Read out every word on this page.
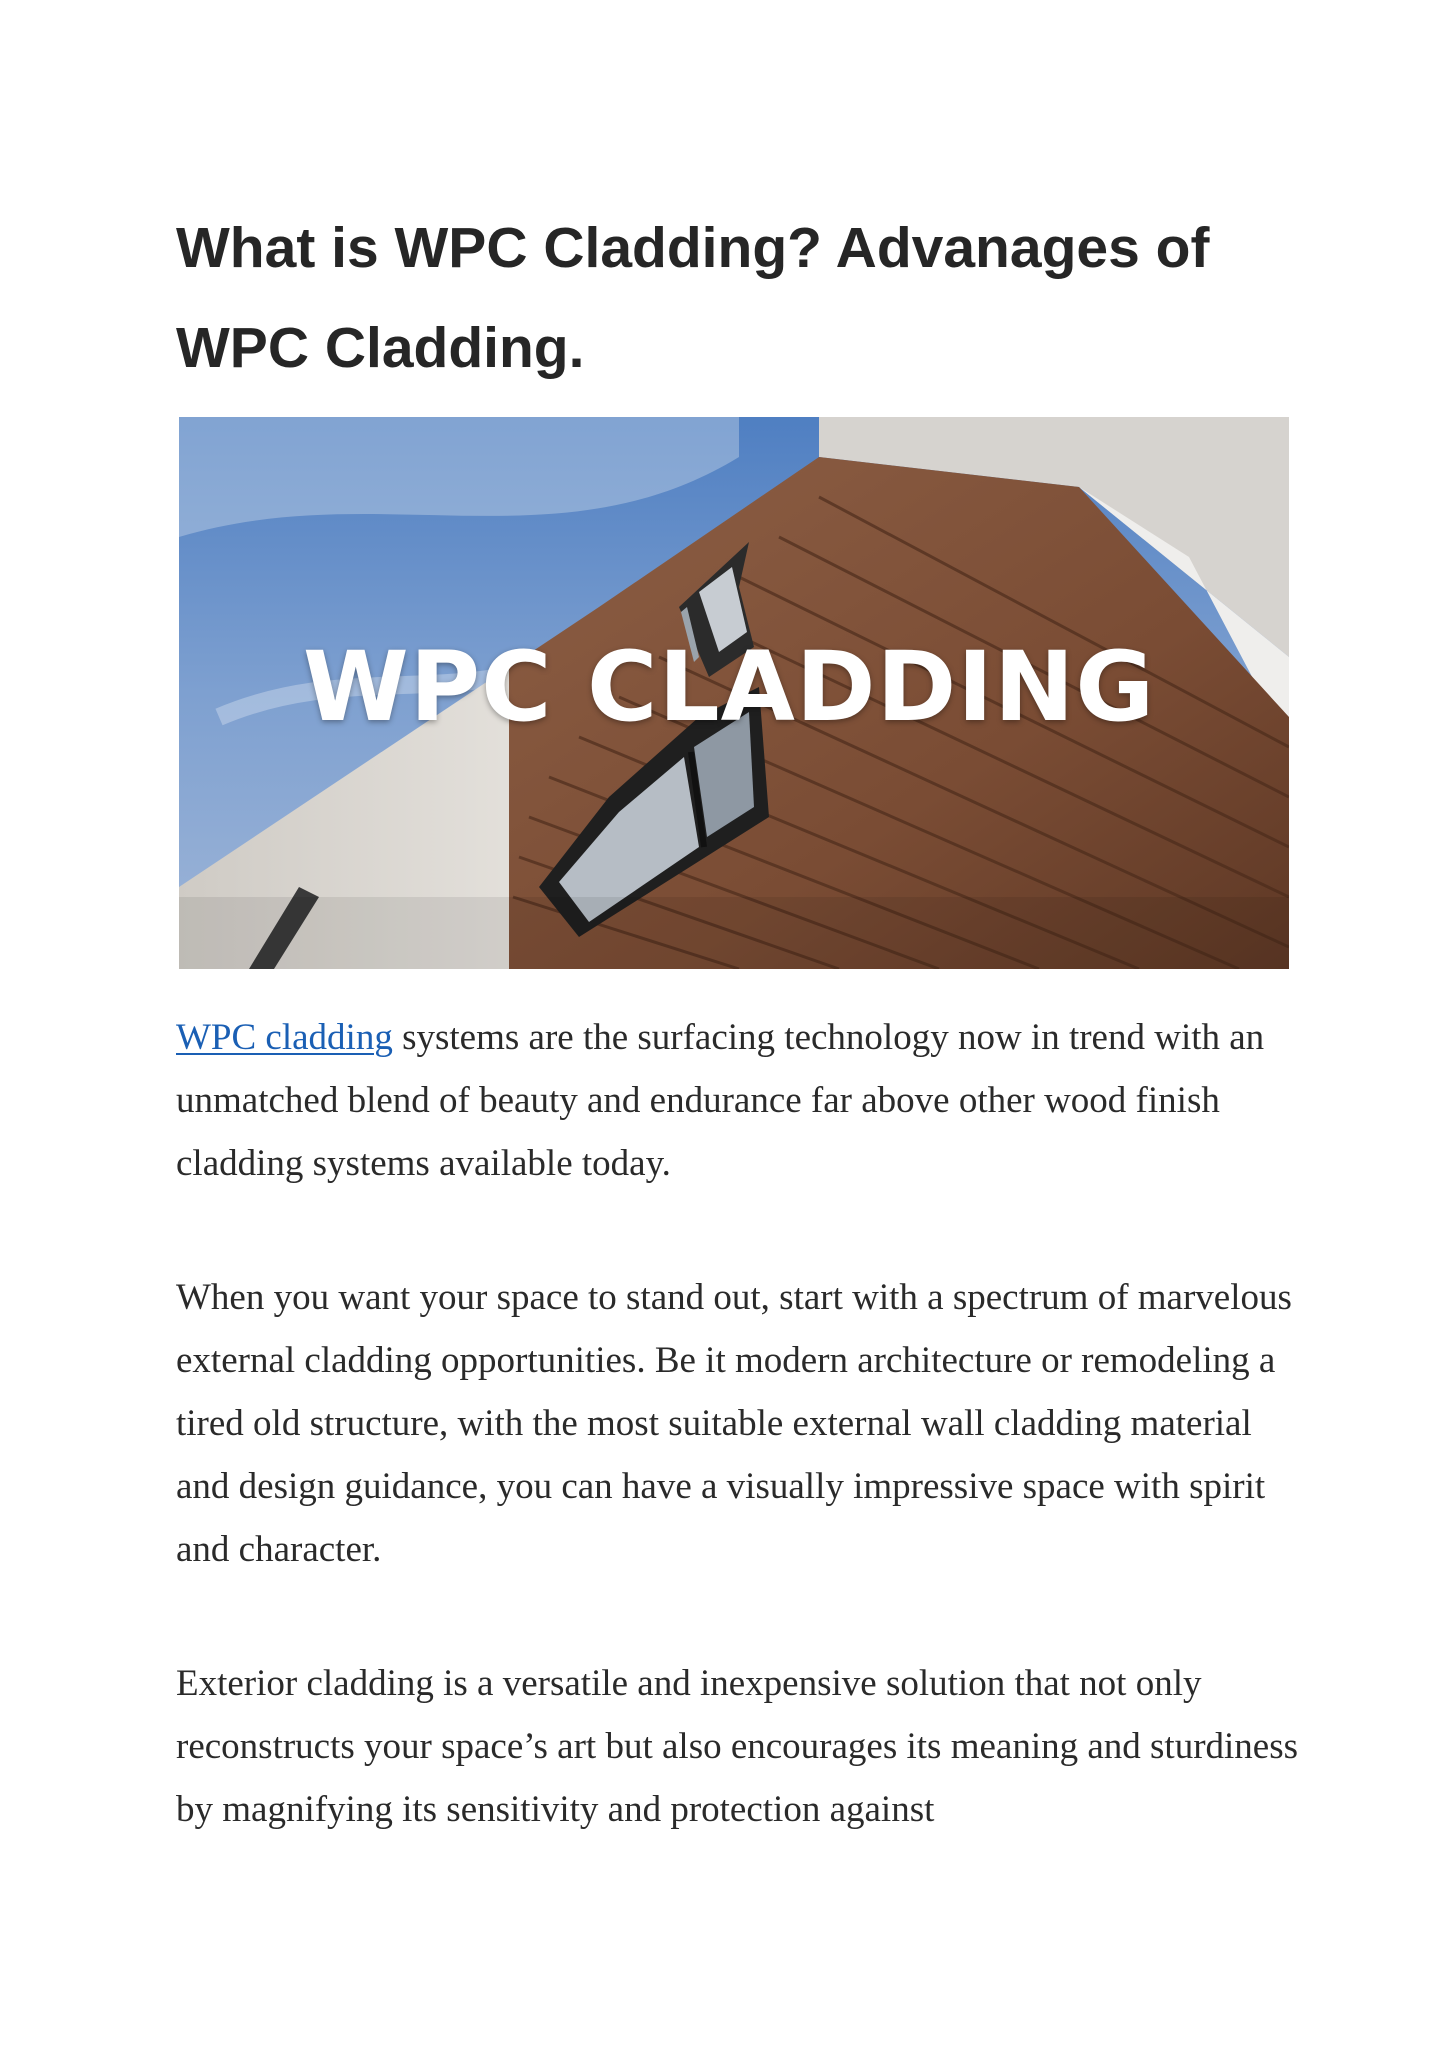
What is WPC Cladding? Advanages of WPC Cladding.
WPC CLADDING

WPC cladding systems are the surfacing technology now in trend with an unmatched blend of beauty and endurance far above other wood finish cladding systems available today.

When you want your space to stand out, start with a spectrum of marvelous external cladding opportunities. Be it modern architecture or remodeling a tired old structure, with the most suitable external wall cladding material and design guidance, you can have a visually impressive space with spirit and character.

Exterior cladding is a versatile and inexpensive solution that not only reconstructs your space’s art but also encourages its meaning and sturdiness by magnifying its sensitivity and protection against
